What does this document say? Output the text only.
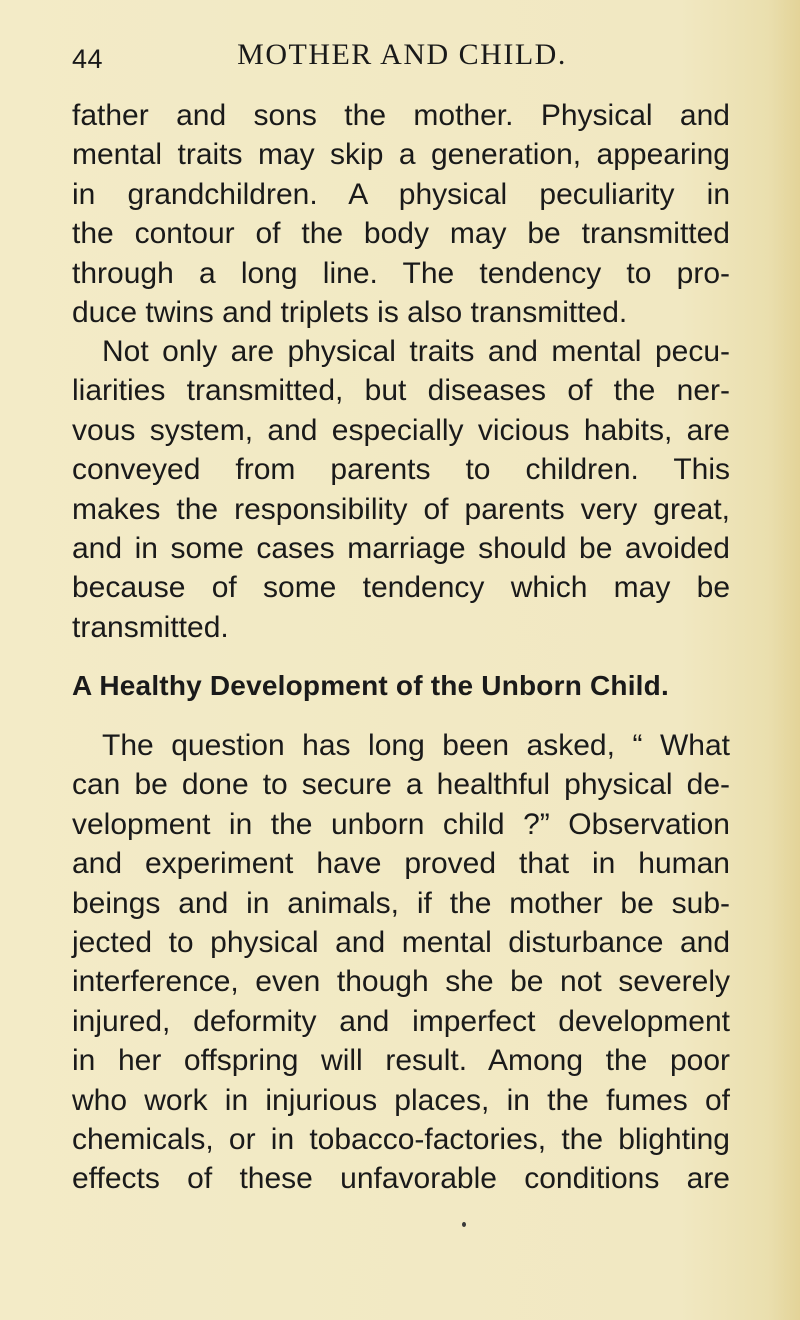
44	MOTHER AND CHILD.
father and sons the mother. Physical and
mental traits may skip a generation, appearing
in grandchildren. A physical peculiarity in
the contour of the body may be transmitted
through a long line. The tendency to pro-
duce twins and triplets is also transmitted.
Not only are physical traits and mental pecu-
liarities transmitted, but diseases of the ner-
vous system, and especially vicious habits, are
conveyed from parents to children. This
makes the responsibility of parents very great,
and in some cases marriage should be avoided
because of some tendency which may be
transmitted.
A Healthy Development of the Unborn Child.
The question has long been asked, “ What
can be done to secure a healthful physical de-
velopment in the unborn child ?” Observation
and experiment have proved that in human
beings and in animals, if the mother be sub-
jected to physical and mental disturbance and
interference, even though she be not severely
injured, deformity and imperfect development
in her offspring will result. Among the poor
who work in injurious places, in the fumes of
chemicals, or in tobacco-factories, the blighting
effects of these unfavorable conditions are
